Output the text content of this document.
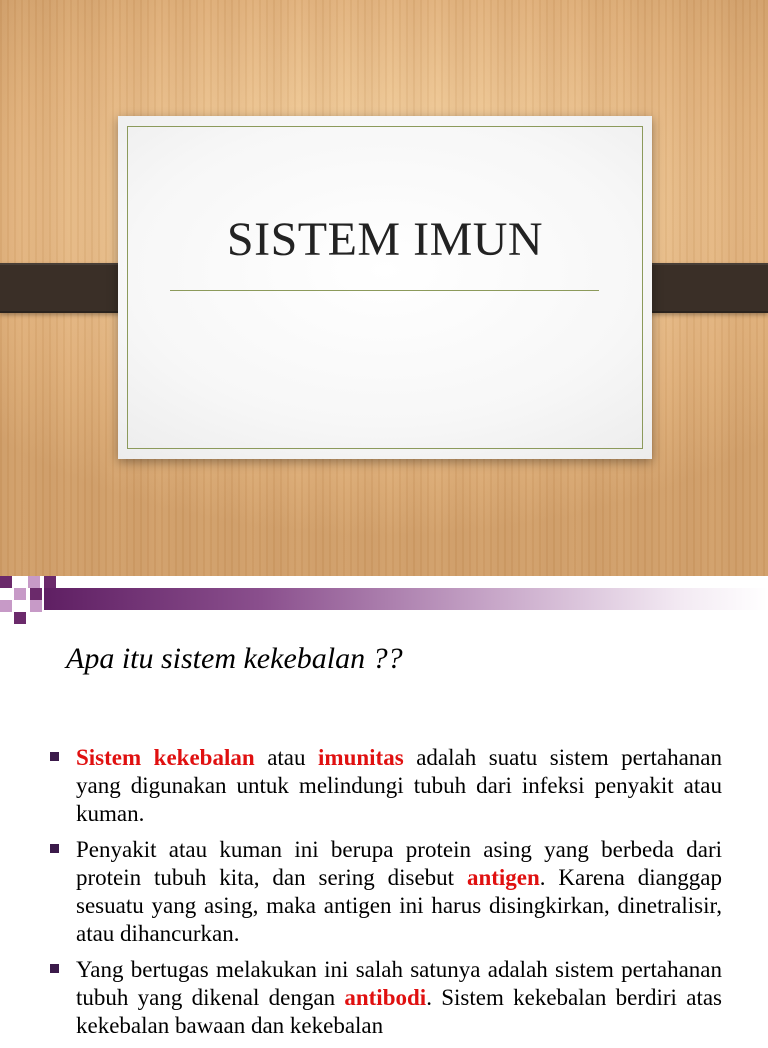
SISTEM IMUN
Apa itu sistem kekebalan ??
Sistem kekebalan atau imunitas adalah suatu sistem pertahanan yang digunakan untuk melindungi tubuh dari infeksi penyakit atau kuman.
Penyakit atau kuman ini berupa protein asing yang berbeda dari protein tubuh kita, dan sering disebut antigen. Karena dianggap sesuatu yang asing, maka antigen ini harus disingkirkan, dinetralisir, atau dihancurkan.
Yang bertugas melakukan ini salah satunya adalah sistem pertahanan tubuh yang dikenal dengan antibodi. Sistem kekebalan berdiri atas kekebalan bawaan dan kekebalan
